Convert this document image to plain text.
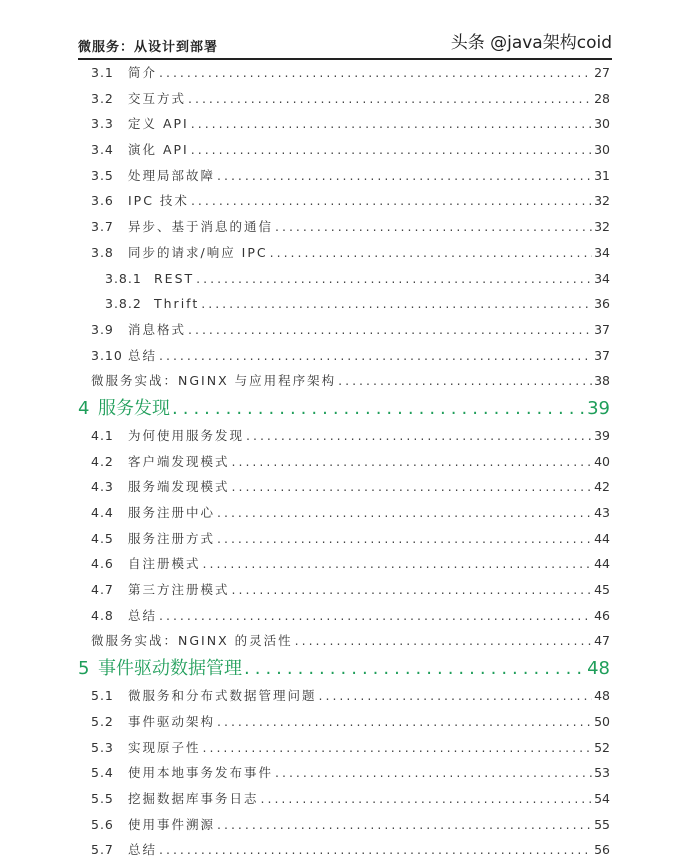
微服务：从设计到部署
3.1	简介 .....	27
3.2	交互方式 .....	28
3.3	定义 API .....	30
3.4	演化 API .....	30
3.5	处理局部故障 .....	31
3.6	IPC 技术 .....	32
3.7	异步、基于消息的通信 .....	32
3.8	同步的请求/响应 IPC .....	34
3.8.1 REST .....	34
3.8.2 Thrift .....	36
3.9	消息格式 .....	37
3.10 总结 .....	37
微服务实战：NGINX 与应用程序架构 .....	38
4 服务发现 .....	39
4.1	为何使用服务发现 .....	39
4.2	客户端发现模式 .....	40
4.3	服务端发现模式 .....	42
4.4	服务注册中心 .....	43
4.5	服务注册方式 .....	44
4.6	自注册模式 .....	44
4.7	第三方注册模式 .....	45
4.8	总结 .....	46
微服务实战：NGINX 的灵活性 .....	47
5 事件驱动数据管理 .....	48
5.1	微服务和分布式数据管理问题 .....	48
5.2	事件驱动架构 .....	50
5.3	实现原子性 .....	52
5.4	使用本地事务发布事件 .....	53
5.5	挖掘数据库事务日志 .....	54
5.6	使用事件溯源 .....	55
5.7	总结 .....	56
头条 @java架构coid
